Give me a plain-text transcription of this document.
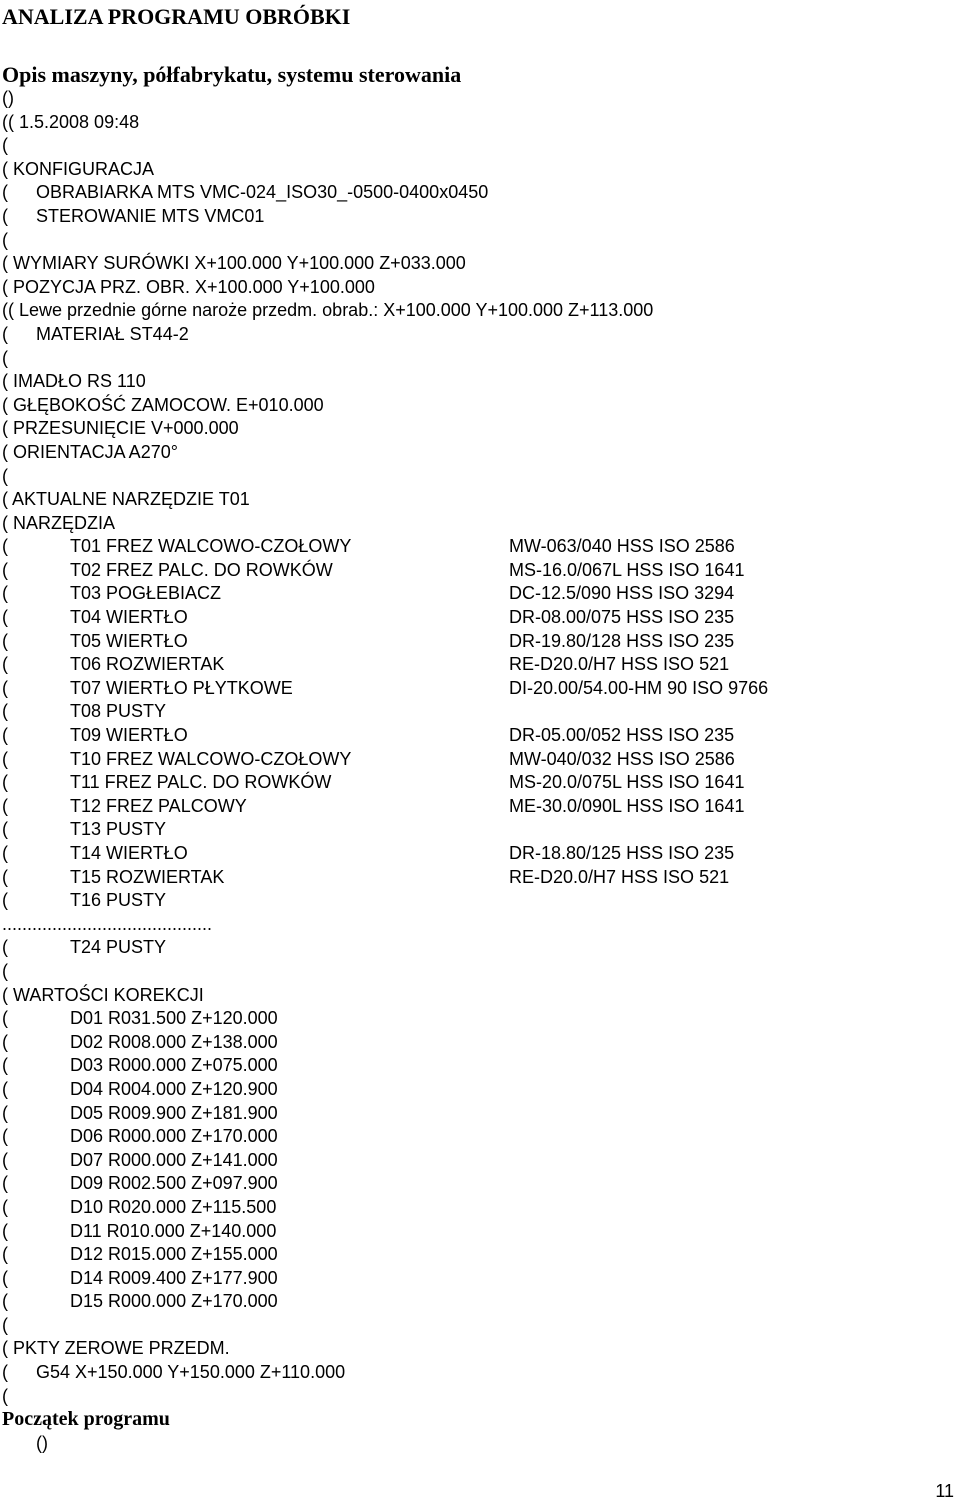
ANALIZA PROGRAMU OBRÓBKI
Opis maszyny, półfabrykatu, systemu sterowania
()
(( 1.5.2008 09:48
(
( KONFIGURACJA
( OBRABIARKA MTS VMC-024_ISO30_-0500-0400x0450
( STEROWANIE MTS VMC01
(
( WYMIARY SURÓWKI X+100.000 Y+100.000 Z+033.000
( POZYCJA PRZ. OBR. X+100.000 Y+100.000
(( Lewe przednie górne naroże przedm. obrab.: X+100.000 Y+100.000 Z+113.000
( MATERIAŁ ST44-2
(
( IMADŁO RS 110
( GŁĘBOKOŚĆ ZAMOCOW. E+010.000
( PRZESUNIĘCIE V+000.000
( ORIENTACJA A270°
(
( AKTUALNE NARZĘDZIE T01
( NARZĘDZIA
(	T01 FREZ WALCOWO-CZOŁOWY	MW-063/040 HSS ISO 2586
(	T02 FREZ PALC. DO ROWKÓW	MS-16.0/067L HSS ISO 1641
(	T03 POGŁEBIACZ	DC-12.5/090 HSS ISO 3294
(	T04 WIERTŁO	DR-08.00/075 HSS ISO 235
(	T05 WIERTŁO	DR-19.80/128 HSS ISO 235
(	T06 ROZWIERTAK	RE-D20.0/H7 HSS ISO 521
(	T07 WIERTŁO PŁYTKOWE	DI-20.00/54.00-HM 90 ISO 9766
(	T08 PUSTY
(	T09 WIERTŁO	DR-05.00/052 HSS ISO 235
(	T10 FREZ WALCOWO-CZOŁOWY	MW-040/032 HSS ISO 2586
(	T11 FREZ PALC. DO ROWKÓW	MS-20.0/075L HSS ISO 1641
(	T12 FREZ PALCOWY	ME-30.0/090L HSS ISO 1641
(	T13 PUSTY
(	T14 WIERTŁO	DR-18.80/125 HSS ISO 235
(	T15 ROZWIERTAK	RE-D20.0/H7 HSS ISO 521
(	T16 PUSTY
..........................................
(	T24 PUSTY
(
( WARTOŚCI KOREKCJI
(	D01 R031.500 Z+120.000
(	D02 R008.000 Z+138.000
(	D03 R000.000 Z+075.000
(	D04 R004.000 Z+120.900
(	D05 R009.900 Z+181.900
(	D06 R000.000 Z+170.000
(	D07 R000.000 Z+141.000
(	D09 R002.500 Z+097.900
(	D10 R020.000 Z+115.500
(	D11 R010.000 Z+140.000
(	D12 R015.000 Z+155.000
(	D14 R009.400 Z+177.900
(	D15 R000.000 Z+170.000
(
( PKTY ZEROWE PRZEDM.
( G54 X+150.000 Y+150.000 Z+110.000
(
Początek programu
()
11
